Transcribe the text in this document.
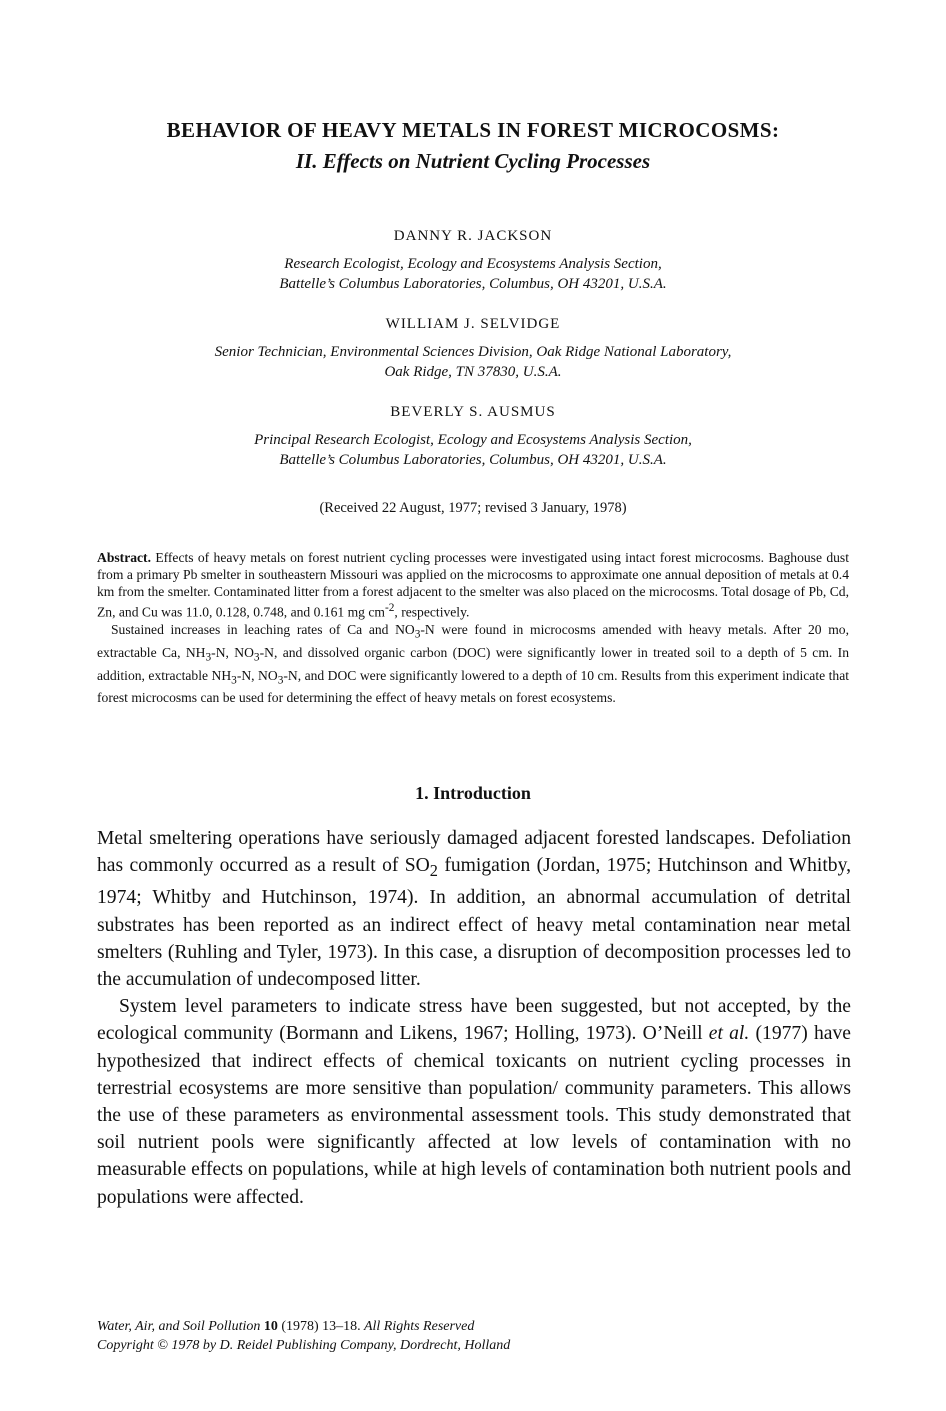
BEHAVIOR OF HEAVY METALS IN FOREST MICROCOSMS:
II. Effects on Nutrient Cycling Processes
DANNY R. JACKSON
Research Ecologist, Ecology and Ecosystems Analysis Section,
Battelle’s Columbus Laboratories, Columbus, OH 43201, U.S.A.
WILLIAM J. SELVIDGE
Senior Technician, Environmental Sciences Division, Oak Ridge National Laboratory,
Oak Ridge, TN 37830, U.S.A.
BEVERLY S. AUSMUS
Principal Research Ecologist, Ecology and Ecosystems Analysis Section,
Battelle’s Columbus Laboratories, Columbus, OH 43201, U.S.A.
(Received 22 August, 1977; revised 3 January, 1978)

Abstract. Effects of heavy metals on forest nutrient cycling processes were investigated using intact forest microcosms. Baghouse dust from a primary Pb smelter in southeastern Missouri was applied on the microcosms to approximate one annual deposition of metals at 0.4 km from the smelter. Contaminated litter from a forest adjacent to the smelter was also placed on the microcosms. Total dosage of Pb, Cd, Zn, and Cu was 11.0, 0.128, 0.748, and 0.161 mg $cm^{-2}$, respectively.

Sustained increases in leaching rates of Ca and $NO_3-N$ were found in microcosms amended with heavy metals. After 20 mo, extractable Ca, $NH_3-N$, $NO_3-N$, and dissolved organic carbon (DOC) were significantly lower in treated soil to a depth of 5 cm. In addition, extractable $NH_3-N$, $NO_3-N$, and DOC were significantly lowered to a depth of 10 cm. Results from this experiment indicate that forest microcosms can be used for determining the effect of heavy metals on forest ecosystems.

1. Introduction

Metal smeltering operations have seriously damaged adjacent forested landscapes. Defoliation has commonly occurred as a result of $SO_2$ fumigation (Jordan, 1975; Hutchinson and Whitby, 1974; Whitby and Hutchinson, 1974). In addition, an abnormal accumulation of detrital substrates has been reported as an indirect effect of heavy metal contamination near metal smelters (Ruhling and Tyler, 1973). In this case, a disruption of decomposition processes led to the accumulation of undecomposed litter.

System level parameters to indicate stress have been suggested, but not accepted, by the ecological community (Bormann and Likens, 1967; Holling, 1973). O’Neill et al. (1977) have hypothesized that indirect effects of chemical toxicants on nutrient cycling processes in terrestrial ecosystems are more sensitive than population/ community parameters. This allows the use of these parameters as environmental assessment tools. This study demonstrated that soil nutrient pools were significantly affected at low levels of contamination with no measurable effects on populations, while at high levels of contamination both nutrient pools and populations were affected.

Water, Air, and Soil Pollution 10 (1978) 13–18. All Rights Reserved
Copyright © 1978 by D. Reidel Publishing Company, Dordrecht, Holland
